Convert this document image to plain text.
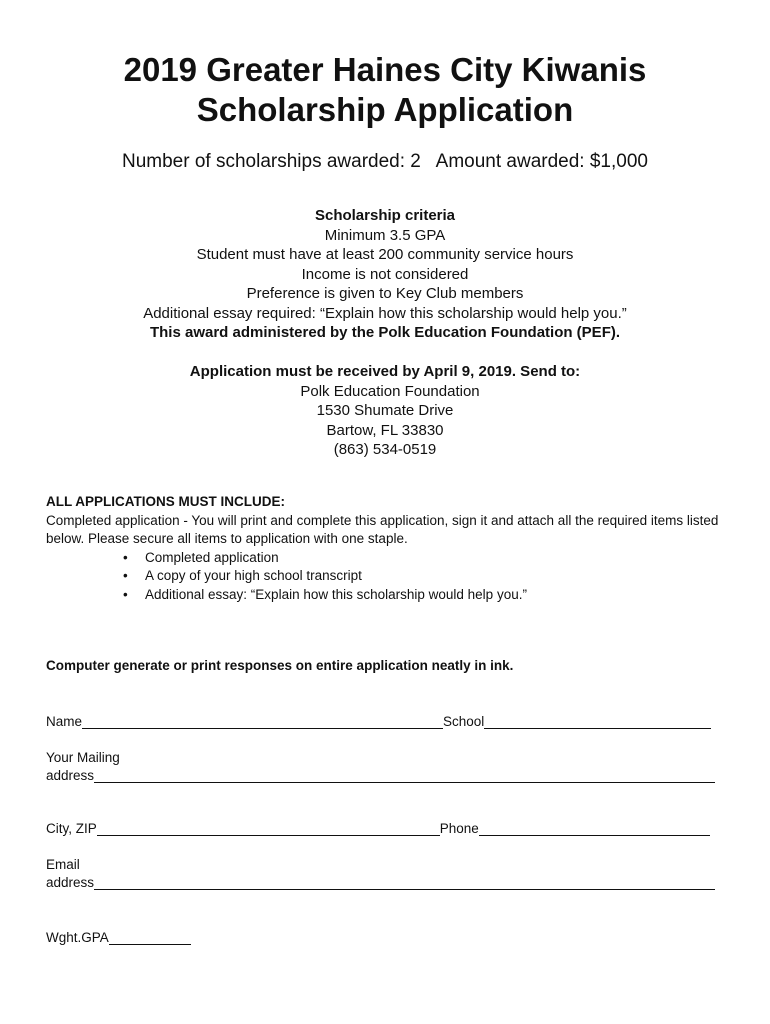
2019 Greater Haines City Kiwanis
Scholarship Application
Number of scholarships awarded: 2   Amount awarded: $1,000
Scholarship criteria
Minimum 3.5 GPA
Student must have at least 200 community service hours
Income is not considered
Preference is given to Key Club members
Additional essay required: “Explain how this scholarship would help you.”
This award administered by the Polk Education Foundation (PEF).
Application must be received by April 9, 2019. Send to:
Polk Education Foundation
1530 Shumate Drive
Bartow, FL 33830
(863) 534-0519
ALL APPLICATIONS MUST INCLUDE:
Completed application - You will print and complete this application, sign it and attach all the required items listed below. Please secure all items to application with one staple.
• Completed application
• A copy of your high school transcript
• Additional essay: “Explain how this scholarship would help you.”
Computer generate or print responses on entire application neatly in ink.
Name	School
Your Mailing
address
City, ZIP	Phone
Email
address
Wght.GPA
